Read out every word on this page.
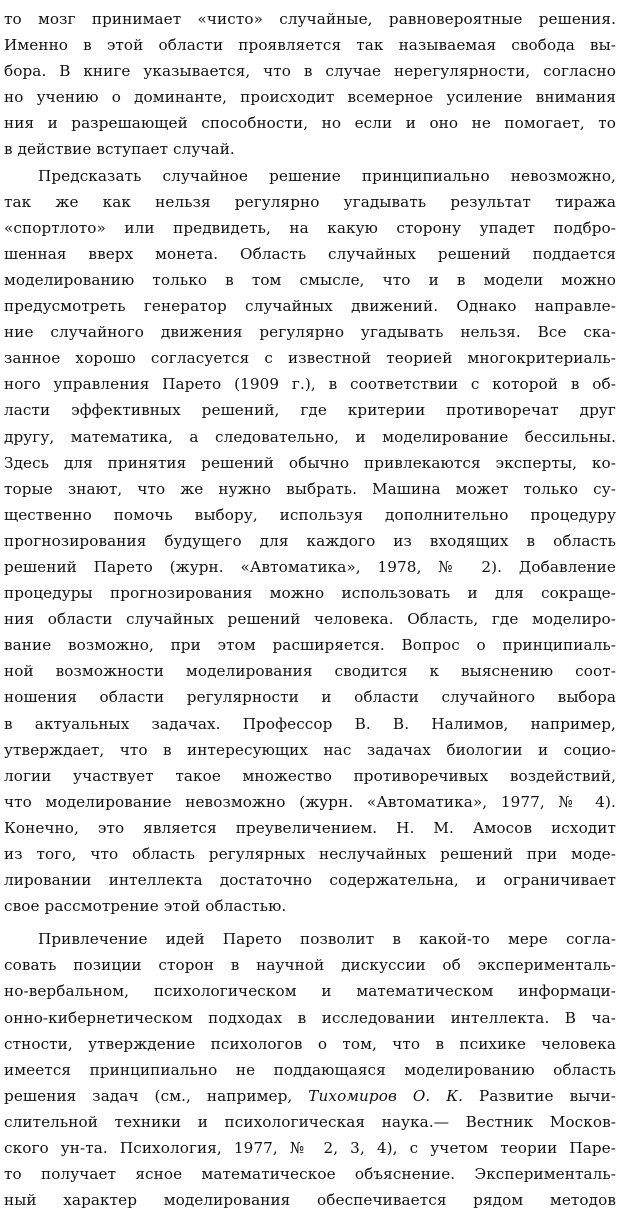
то мозг принимает «чисто» случайные, равновероятные решения.
Именно в этой области проявляется так называемая свобода вы-
бора. В книге указывается, что в случае нерегулярности, согласно
но учению о доминанте, происходит всемерное усиление внимания
ния и разрешающей способности, но если и оно не помогает, то
в действие вступает случай.
Предсказать случайное решение принципиально невозможно,
так же как нельзя регулярно угадывать результат тиража
«спортлото» или предвидеть, на какую сторону упадет подбро-
шенная вверх монета. Область случайных решений поддается
моделированию только в том смысле, что и в модели можно
предусмотреть генератор случайных движений. Однако направле-
ние случайного движения регулярно угадывать нельзя. Все ска-
занное хорошо согласуется с известной теорией многокритериаль-
ного управления Парето (1909 г.), в соответствии с которой в об-
ласти эффективных решений, где критерии противоречат друг
другу, математика, а следовательно, и моделирование бессильны.
Здесь для принятия решений обычно привлекаются эксперты, ко-
торые знают, что же нужно выбрать. Машина может только су-
щественно помочь выбору, используя дополнительно процедуру
прогнозирования будущего для каждого из входящих в область
решений Парето (журн. «Автоматика», 1978, № 2). Добавление
процедуры прогнозирования можно использовать и для сокраще-
ния области случайных решений человека. Область, где моделиро-
вание возможно, при этом расширяется. Вопрос о принципиаль-
ной возможности моделирования сводится к выяснению соот-
ношения области регулярности и области случайного выбора
в актуальных задачах. Профессор В. В. Налимов, например,
утверждает, что в интересующих нас задачах биологии и социо-
логии участвует такое множество противоречивых воздействий,
что моделирование невозможно (журн. «Автоматика», 1977, № 4).
Конечно, это является преувеличением. Н. М. Амосов исходит
из того, что область регулярных неслучайных решений при моде-
лировании интеллекта достаточно содержательна, и ограничивает
свое рассмотрение этой областью.
Привлечение идей Парето позволит в какой-то мере согла-
совать позиции сторон в научной дискуссии об эксперименталь-
но-вербальном, психологическом и математическом информаци-
онно-кибернетическом подходах в исследовании интеллекта. В ча-
стности, утверждение психологов о том, что в психике человека
имеется принципиально не поддающаяся моделированию область
решения задач (см., например, Тихомиров О. К. Развитие вычи-
слительной техники и психологическая наука.— Вестник Москов-
ского ун-та. Психология, 1977, № 2, 3, 4), с учетом теории Паре-
то получает ясное математическое объяснение. Эксперименталь-
ный характер моделирования обеспечивается рядом методов
